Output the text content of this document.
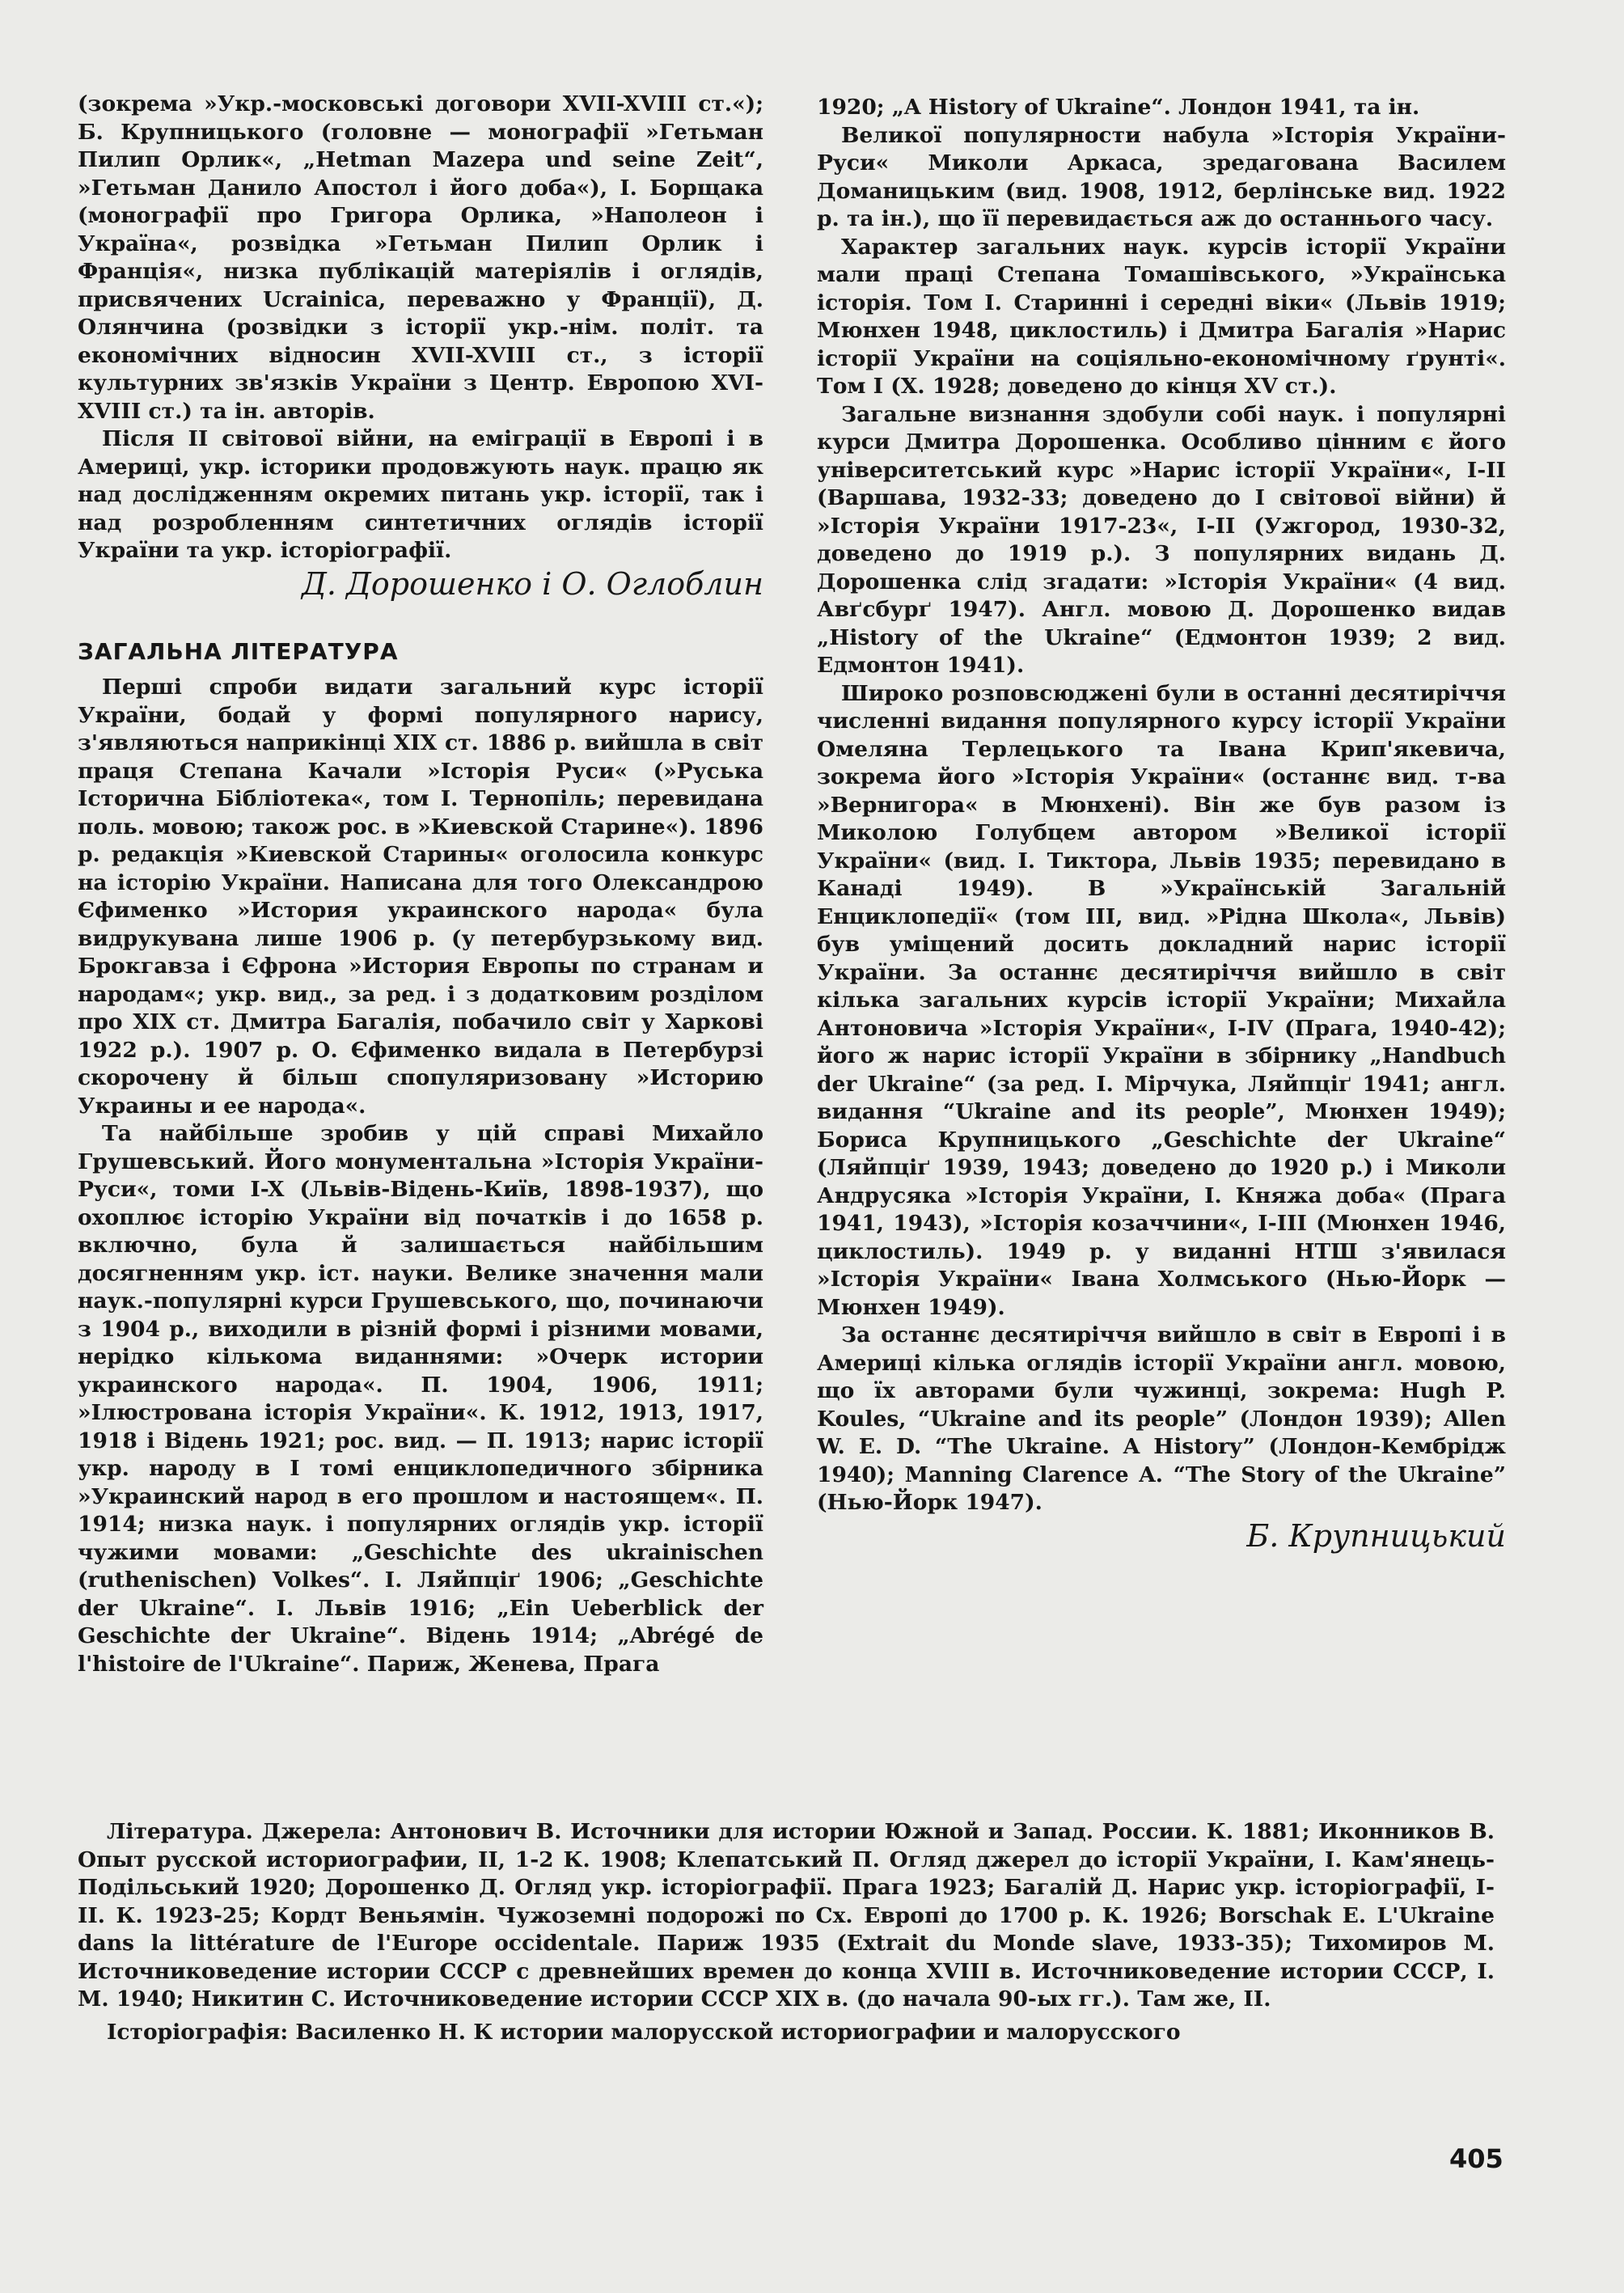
(зокрема »Укр.-московські договори XVII-XVIII ст.«); Б. Крупницького (головне — монографії »Гетьман Пилип Орлик«, „Hetman Mazepa und seine Zeit“, »Гетьман Данило Апостол і його доба«), І. Борщака (монографії про Григора Орлика, »Наполеон і Україна«, розвідка »Гетьман Пилип Орлик і Франція«, низка публікацій матеріялів і оглядів, присвячених Ucrainica, переважно у Франції), Д. Олянчина (розвідки з історії укр.-нім. політ. та економічних відносин XVII-XVIII ст., з історії культурних зв'язків України з Центр. Европою XVI-XVIII ст.) та ін. авторів.

Після II світової війни, на еміграції в Европі і в Америці, укр. історики продовжують наук. працю як над дослідженням окремих питань укр. історії, так і над розробленням синтетичних оглядів історії України та укр. історіографії.

Д. Дорошенко і О. Оглоблин

ЗАГАЛЬНА ЛІТЕРАТУРА

Перші спроби видати загальний курс історії України, бодай у формі популярного нарису, з'являються наприкінці XIX ст. 1886 р. вийшла в світ праця Степана Качали »Історія Руси« (»Руська Історична Бібліотека«, том I. Тернопіль; перевидана поль. мовою; також рос. в »Киевской Старине«). 1896 р. редакція »Киевской Старины« оголосила конкурс на історію України. Написана для того Олександрою Єфименко »История украинского народа« була видрукувана лише 1906 р. (у петербурзькому вид. Брокгавза і Єфрона »История Европы по странам и народам«; укр. вид., за ред. і з додатковим розділом про XIX ст. Дмитра Багалія, побачило світ у Харкові 1922 р.). 1907 р. О. Єфименко видала в Петербурзі скорочену й більш спопуляризовану »Историю Украины и ее народа«.

Та найбільше зробив у цій справі Михайло Грушевський. Його монументальна »Історія України-Руси«, томи I-X (Львів-Відень-Київ, 1898-1937), що охоплює історію України від початків і до 1658 р. включно, була й залишається найбільшим досягненням укр. іст. науки. Велике значення мали наук.-популярні курси Грушевського, що, починаючи з 1904 р., виходили в різній формі і різними мовами, нерідко кількома виданнями: »Очерк истории украинского народа«. П. 1904, 1906, 1911; »Ілюстрована історія України«. К. 1912, 1913, 1917, 1918 і Відень 1921; рос. вид. — П. 1913; нарис історії укр. народу в I томі енциклопедичного збірника »Украинский народ в его прошлом и настоящем«. П. 1914; низка наук. і популярних оглядів укр. історії чужими мовами: „Geschichte des ukrainischen (ruthenischen) Volkes“. I. Ляйпціґ 1906; „Geschichte der Ukraine“. I. Львів 1916; „Ein Ueberblick der Geschichte der Ukraine“. Відень 1914; „Abrégé de l'histoire de l'Ukraine“. Париж, Женева, Прага

1920; „A History of Ukraine“. Лондон 1941, та ін.

Великої популярности набула »Історія України-Руси« Миколи Аркаса, зредагована Василем Доманицьким (вид. 1908, 1912, берлінське вид. 1922 р. та ін.), що її перевидається аж до останнього часу.

Характер загальних наук. курсів історії України мали праці Степана Томашівського, »Українська історія. Том I. Старинні і середні віки« (Львів 1919; Мюнхен 1948, циклостиль) і Дмитра Багалія »Нарис історії України на соціяльно-економічному ґрунті«. Том I (Х. 1928; доведено до кінця XV ст.).

Загальне визнання здобули собі наук. і популярні курси Дмитра Дорошенка. Особливо цінним є його університетський курс »Нарис історії України«, I-II (Варшава, 1932-33; доведено до I світової війни) й »Історія України 1917-23«, I-II (Ужгород, 1930-32, доведено до 1919 р.). З популярних видань Д. Дорошенка слід згадати: »Історія України« (4 вид. Авґсбурґ 1947). Англ. мовою Д. Дорошенко видав „History of the Ukraine“ (Едмонтон 1939; 2 вид. Едмонтон 1941).

Широко розповсюджені були в останні десятиріччя численні видання популярного курсу історії України Омеляна Терлецького та Івана Крип'якевича, зокрема його »Історія України« (останнє вид. т-ва »Вернигора« в Мюнхені). Він же був разом із Миколою Голубцем автором »Великої історії України« (вид. І. Тиктора, Львів 1935; перевидано в Канаді 1949). В »Українській Загальній Енциклопедії« (том III, вид. »Рідна Школа«, Львів) був уміщений досить докладний нарис історії України. За останнє десятиріччя вийшло в світ кілька загальних курсів історії України; Михайла Антоновича »Історія України«, I-IV (Прага, 1940-42); його ж нарис історії України в збірнику „Handbuch der Ukraine“ (за ред. І. Мірчука, Ляйпціґ 1941; англ. видання “Ukraine and its people”, Мюнхен 1949); Бориса Крупницького „Geschichte der Ukraine“ (Ляйпціґ 1939, 1943; доведено до 1920 р.) і Миколи Андрусяка »Історія України, I. Княжа доба« (Прага 1941, 1943), »Історія козаччини«, I-III (Мюнхен 1946, циклостиль). 1949 р. у виданні НТШ з'явилася »Історія України« Івана Холмського (Нью-Йорк — Мюнхен 1949).

За останнє десятиріччя вийшло в світ в Европі і в Америці кілька оглядів історії України англ. мовою, що їх авторами були чужинці, зокрема: Hugh P. Koules, “Ukraine and its people” (Лондон 1939); Allen W. E. D. “The Ukraine. A History” (Лондон-Кембрідж 1940); Manning Clarence A. “The Story of the Ukraine” (Нью-Йорк 1947).

Б. Крупницький

Література. Джерела: Антонович В. Источники для истории Южной и Запад. России. К. 1881; Иконников В. Опыт русской историографии, II, 1-2 К. 1908; Клепатський П. Огляд джерел до історії України, I. Кам'янець-Подільський 1920; Дорошенко Д. Огляд укр. історіографії. Прага 1923; Багалій Д. Нарис укр. історіографії, I-II. К. 1923-25; Кордт Веньямін. Чужоземні подорожі по Сх. Европі до 1700 р. К. 1926; Borschak E. L'Ukraine dans la littérature de l'Europe occidentale. Париж 1935 (Extrait du Monde slave, 1933-35); Тихомиров М. Источниковедение истории СССР с древнейших времен до конца XVIII в. Источниковедение истории СССР, I. М. 1940; Никитин С. Источниковедение истории СССР XIX в. (до начала 90-ых гг.). Там же, II.

Історіографія: Василенко Н. К истории малорусской историографии и малорусского

405
